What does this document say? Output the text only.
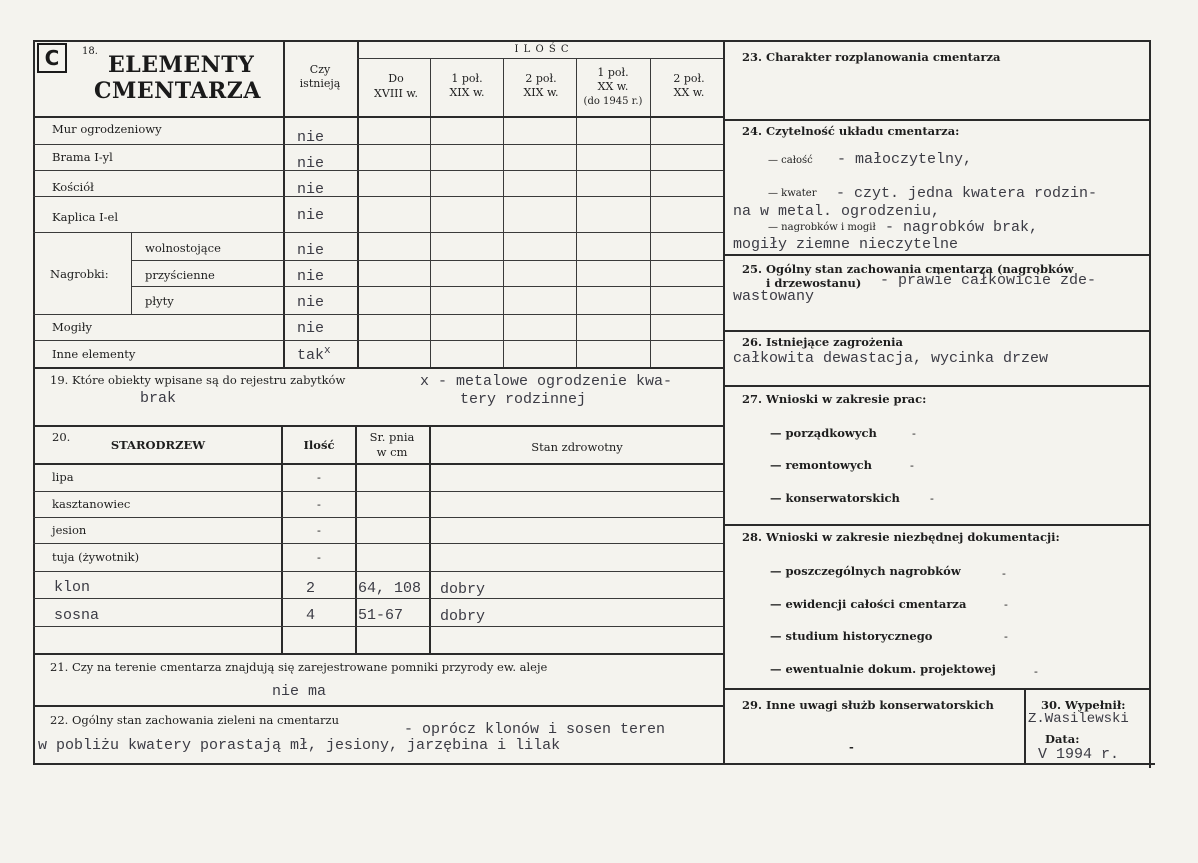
C	18.
ELEMENTY
CMENTARZA
Czy
istnieją
I L O Ś C
Do
XVIII w.
1 poł.
XIX w.
2 poł.
XIX w.
1 poł.
XX w.
(do 1945 r.)
2 poł.
XX w.
Mur ogrodzeniowy	nie
Brama I-yl	nie
Kościół	nie
Kaplica I-el	nie
Nagrobki:
wolnostojące	nie
przyścienne	nie
płyty	nie
Mogiły	nie
Inne elementy	tak$^x$
19. Które obiekty wpisane są do rejestru zabytków
brak
x - metalowe ogrodzenie kwa-
tery rodzinnej
20.
STARODRZEW	Ilość
Sr. pnia
w cm	Stan zdrowotny
lipa	-
kasztanowiec	-
jesion	-
tuja (żywotnik)	-
klon	2	64, 108 dobry
sosna	4	51-67 dobry
21. Czy na terenie cmentarza znajdują się zarejestrowane pomniki przyrody ew. aleje
nie ma
22. Ogólny stan zachowania zieleni na cmentarzu
- oprócz klonów i sosen teren
w pobliżu kwatery porastają mł, jesiony, jarzębina i lilak
23. Charakter rozplanowania cmentarza
24. Czytelność układu cmentarza:
— całość - małoczytelny,
— kwater - czyt. jedna kwatera rodzin-
na w metal. ogrodzeniu,
— nagrobków i mogił - nagrobków brak,
mogiły ziemne nieczytelne
25. Ogólny stan zachowania cmentarza (nagrobków
i drzewostanu) - prawie całkowicie zde-
wastowany
26. Istniejące zagrożenia
całkowita dewastacja, wycinka drzew
27. Wnioski w zakresie prac:
— porządkowych	-
— remontowych	-
— konserwatorskich	-
28. Wnioski w zakresie niezbędnej dokumentacji:
— poszczególnych nagrobków	-
— ewidencji całości cmentarza	-
— studium historycznego	-
— ewentualnie dokum. projektowej	-
29. Inne uwagi służb konserwatorskich
-
30. Wypełnił:
Z.Wasilewski
Data:
V 1994 r.
